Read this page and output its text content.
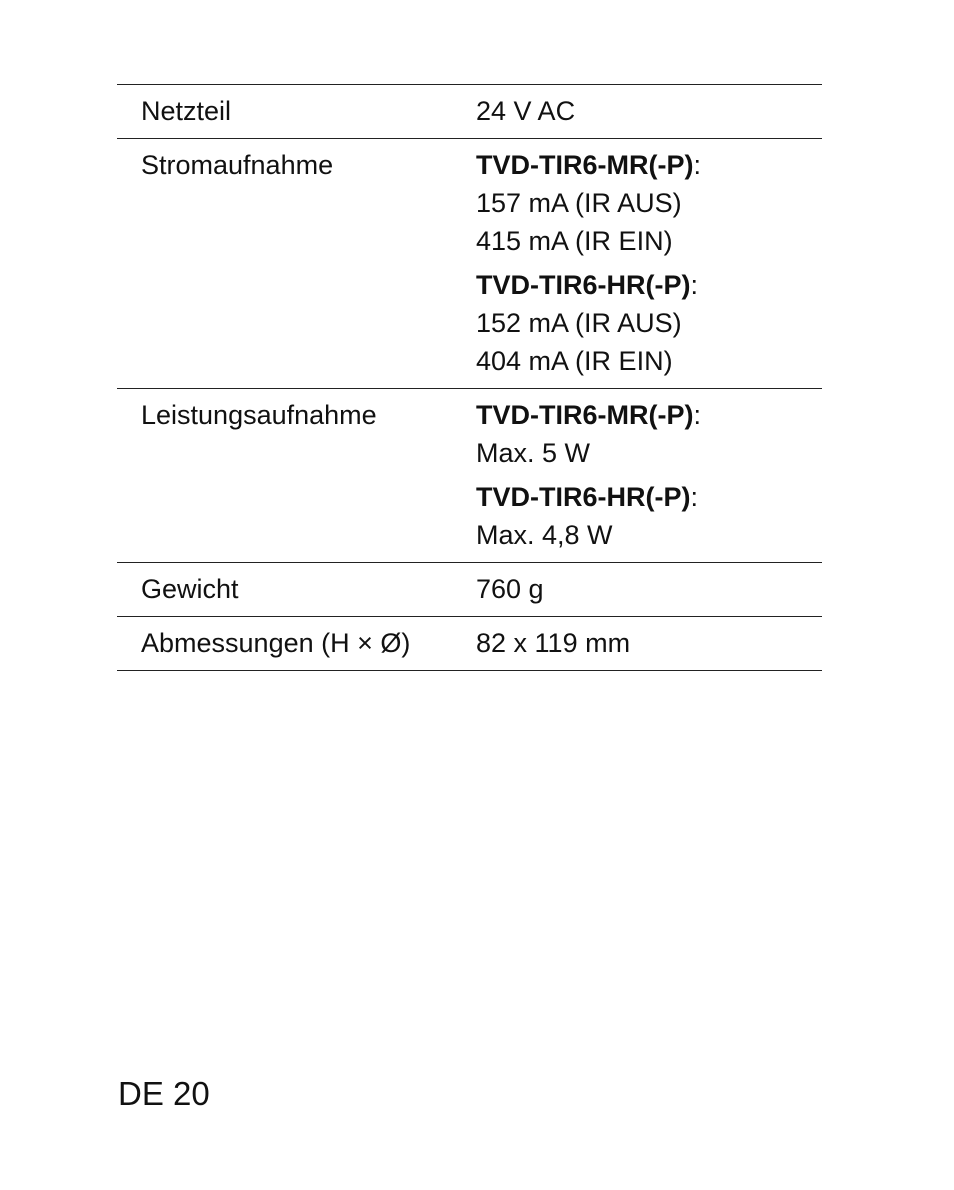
Netzteil	24 V AC
Stromaufnahme	TVD-TIR6-MR(-P):
157 mA (IR AUS)
415 mA (IR EIN)
TVD-TIR6-HR(-P):
152 mA (IR AUS)
404 mA (IR EIN)
Leistungsaufnahme	TVD-TIR6-MR(-P):
Max. 5 W
TVD-TIR6-HR(-P):
Max. 4,8 W
Gewicht	760 g
Abmessungen (H × Ø)	82 x 119 mm
DE 20
